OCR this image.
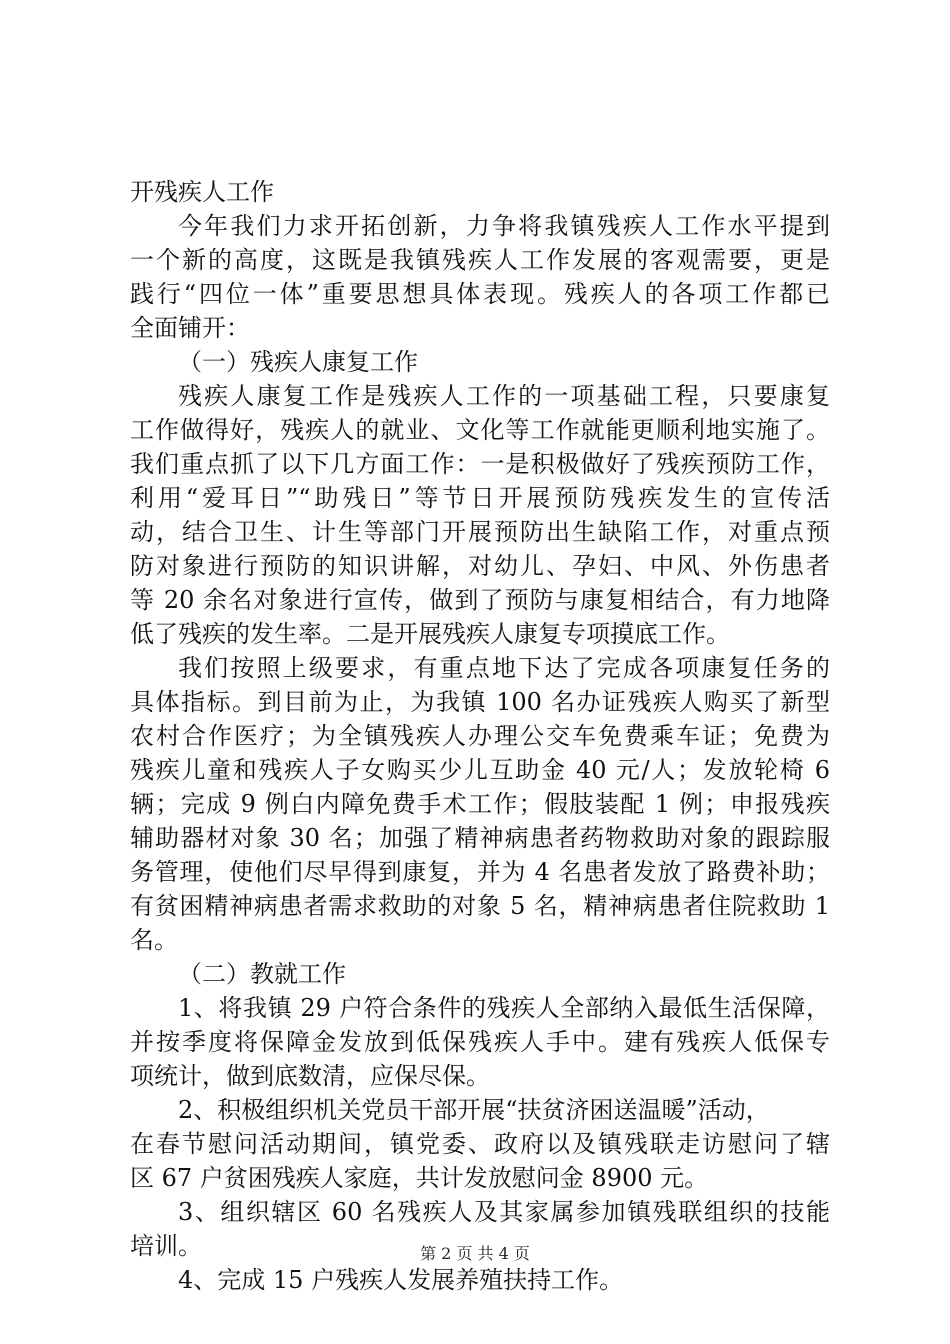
开残疾人工作
今年我们力求开拓创新，力争将我镇残疾人工作水平提到
一个新的高度，这既是我镇残疾人工作发展的客观需要，更是
践行“四位一体”重要思想具体表现。残疾人的各项工作都已
全面铺开：
（一）残疾人康复工作
残疾人康复工作是残疾人工作的一项基础工程，只要康复
工作做得好，残疾人的就业、文化等工作就能更顺利地实施了。
我们重点抓了以下几方面工作：一是积极做好了残疾预防工作，
利用“爱耳日”“助残日”等节日开展预防残疾发生的宣传活
动，结合卫生、计生等部门开展预防出生缺陷工作，对重点预
防对象进行预防的知识讲解，对幼儿、孕妇、中风、外伤患者
等 20 余名对象进行宣传，做到了预防与康复相结合，有力地降
低了残疾的发生率。二是开展残疾人康复专项摸底工作。
我们按照上级要求，有重点地下达了完成各项康复任务的
具体指标。到目前为止，为我镇 100 名办证残疾人购买了新型
农村合作医疗；为全镇残疾人办理公交车免费乘车证；免费为
残疾儿童和残疾人子女购买少儿互助金 40 元/人；发放轮椅 6
辆；完成 9 例白内障免费手术工作；假肢装配 1 例；申报残疾
辅助器材对象 30 名；加强了精神病患者药物救助对象的跟踪服
务管理，使他们尽早得到康复，并为 4 名患者发放了路费补助；
有贫困精神病患者需求救助的对象 5 名，精神病患者住院救助 1
名。
（二）教就工作
1、将我镇 29 户符合条件的残疾人全部纳入最低生活保障，
并按季度将保障金发放到低保残疾人手中。建有残疾人低保专
项统计，做到底数清，应保尽保。
2、积极组织机关党员干部开展“扶贫济困送温暖”活动，
在春节慰问活动期间，镇党委、政府以及镇残联走访慰问了辖
区 67 户贫困残疾人家庭，共计发放慰问金 8900 元。
3、组织辖区 60 名残疾人及其家属参加镇残联组织的技能
培训。
4、完成 15 户残疾人发展养殖扶持工作。
第 2 页 共 4 页
